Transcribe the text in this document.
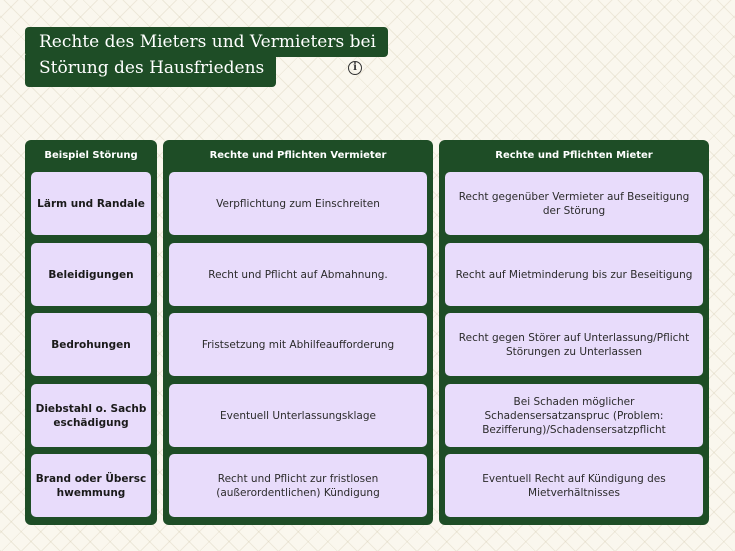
Rechte des Mieters und Vermieters bei
Störung des Hausfriedens	i
Beispiel Störung
Lärm und Randale
Beleidigungen
Bedrohungen
Diebstahl o. Sachbeschädigung
Brand oder Überschwemmung
Rechte und Pflichten Vermieter
Verpflichtung zum Einschreiten
Recht und Pflicht auf Abmahnung.
Fristsetzung mit Abhilfeaufforderung
Eventuell Unterlassungsklage
Recht und Pflicht zur fristlosen (außerordentlichen) Kündigung
Rechte und Pflichten Mieter
Recht gegenüber Vermieter auf Beseitigung der Störung
Recht auf Mietminderung bis zur Beseitigung
Recht gegen Störer auf Unterlassung/Pflicht Störungen zu Unterlassen
Bei Schaden möglicher Schadensersatzanspruc (Problem: Bezifferung)/Schadensersatzpflicht
Eventuell Recht auf Kündigung des Mietverhältnisses
